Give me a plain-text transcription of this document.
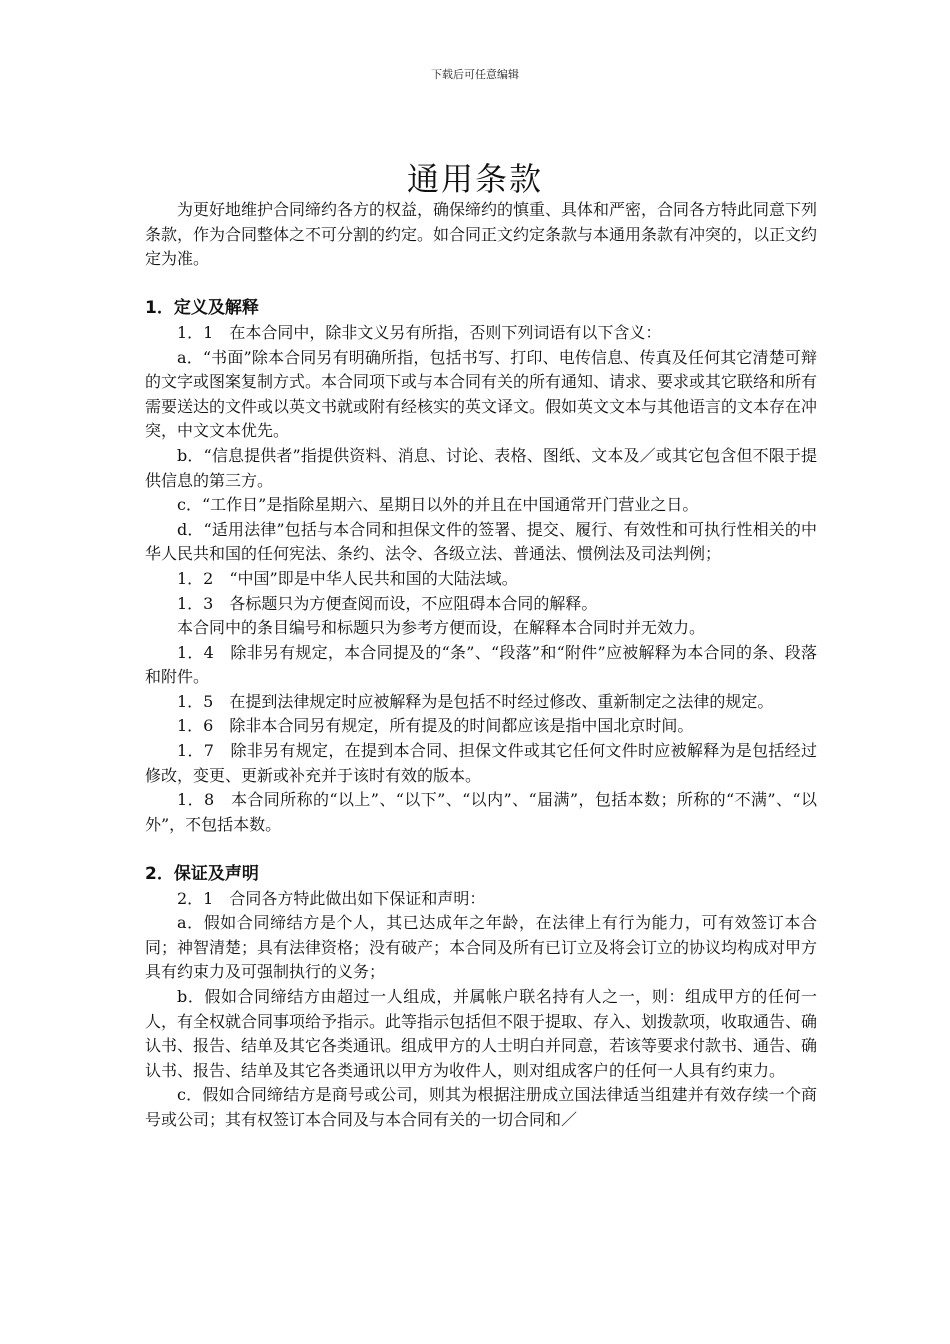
下载后可任意编辑
通用条款

为更好地维护合同缔约各方的权益，确保缔约的慎重、具体和严密，合同各方特此同意下列条款，作为合同整体之不可分割的约定。如合同正文约定条款与本通用条款有冲突的，以正文约定为准。

1．定义及解释

1．1　在本合同中，除非文义另有所指，否则下列词语有以下含义：

a．“书面”除本合同另有明确所指，包括书写、打印、电传信息、传真及任何其它清楚可辩的文字或图案复制方式。本合同项下或与本合同有关的所有通知、请求、要求或其它联络和所有需要送达的文件或以英文书就或附有经核实的英文译文。假如英文文本与其他语言的文本存在冲突，中文文本优先。

b．“信息提供者”指提供资料、消息、讨论、表格、图纸、文本及／或其它包含但不限于提供信息的第三方。

c．“工作日”是指除星期六、星期日以外的并且在中国通常开门营业之日。

d．“适用法律”包括与本合同和担保文件的签署、提交、履行、有效性和可执行性相关的中华人民共和国的任何宪法、条约、法令、各级立法、普通法、惯例法及司法判例；

1．2　“中国”即是中华人民共和国的大陆法域。

1．3　各标题只为方便查阅而设，不应阻碍本合同的解释。

本合同中的条目编号和标题只为参考方便而设，在解释本合同时并无效力。

1．4　除非另有规定，本合同提及的“条”、“段落”和“附件”应被解释为本合同的条、段落和附件。

1．5　在提到法律规定时应被解释为是包括不时经过修改、重新制定之法律的规定。

1．6　除非本合同另有规定，所有提及的时间都应该是指中国北京时间。

1．7　除非另有规定，在提到本合同、担保文件或其它任何文件时应被解释为是包括经过修改，变更、更新或补充并于该时有效的版本。

1．8　本合同所称的“以上”、“以下”、“以内”、“届满”，包括本数；所称的“不满”、“以外”，不包括本数。

2．保证及声明

2．1　合同各方特此做出如下保证和声明：

a．假如合同缔结方是个人，其已达成年之年龄，在法律上有行为能力，可有效签订本合同；神智清楚；具有法律资格；没有破产；本合同及所有已订立及将会订立的协议均构成对甲方具有约束力及可强制执行的义务；

b．假如合同缔结方由超过一人组成，并属帐户联名持有人之一，则：组成甲方的任何一人，有全权就合同事项给予指示。此等指示包括但不限于提取、存入、划拨款项，收取通告、确认书、报告、结单及其它各类通讯。组成甲方的人士明白并同意，若该等要求付款书、通告、确认书、报告、结单及其它各类通讯以甲方为收件人，则对组成客户的任何一人具有约束力。

c．假如合同缔结方是商号或公司，则其为根据注册成立国法律适当组建并有效存续一个商号或公司；其有权签订本合同及与本合同有关的一切合同和／
